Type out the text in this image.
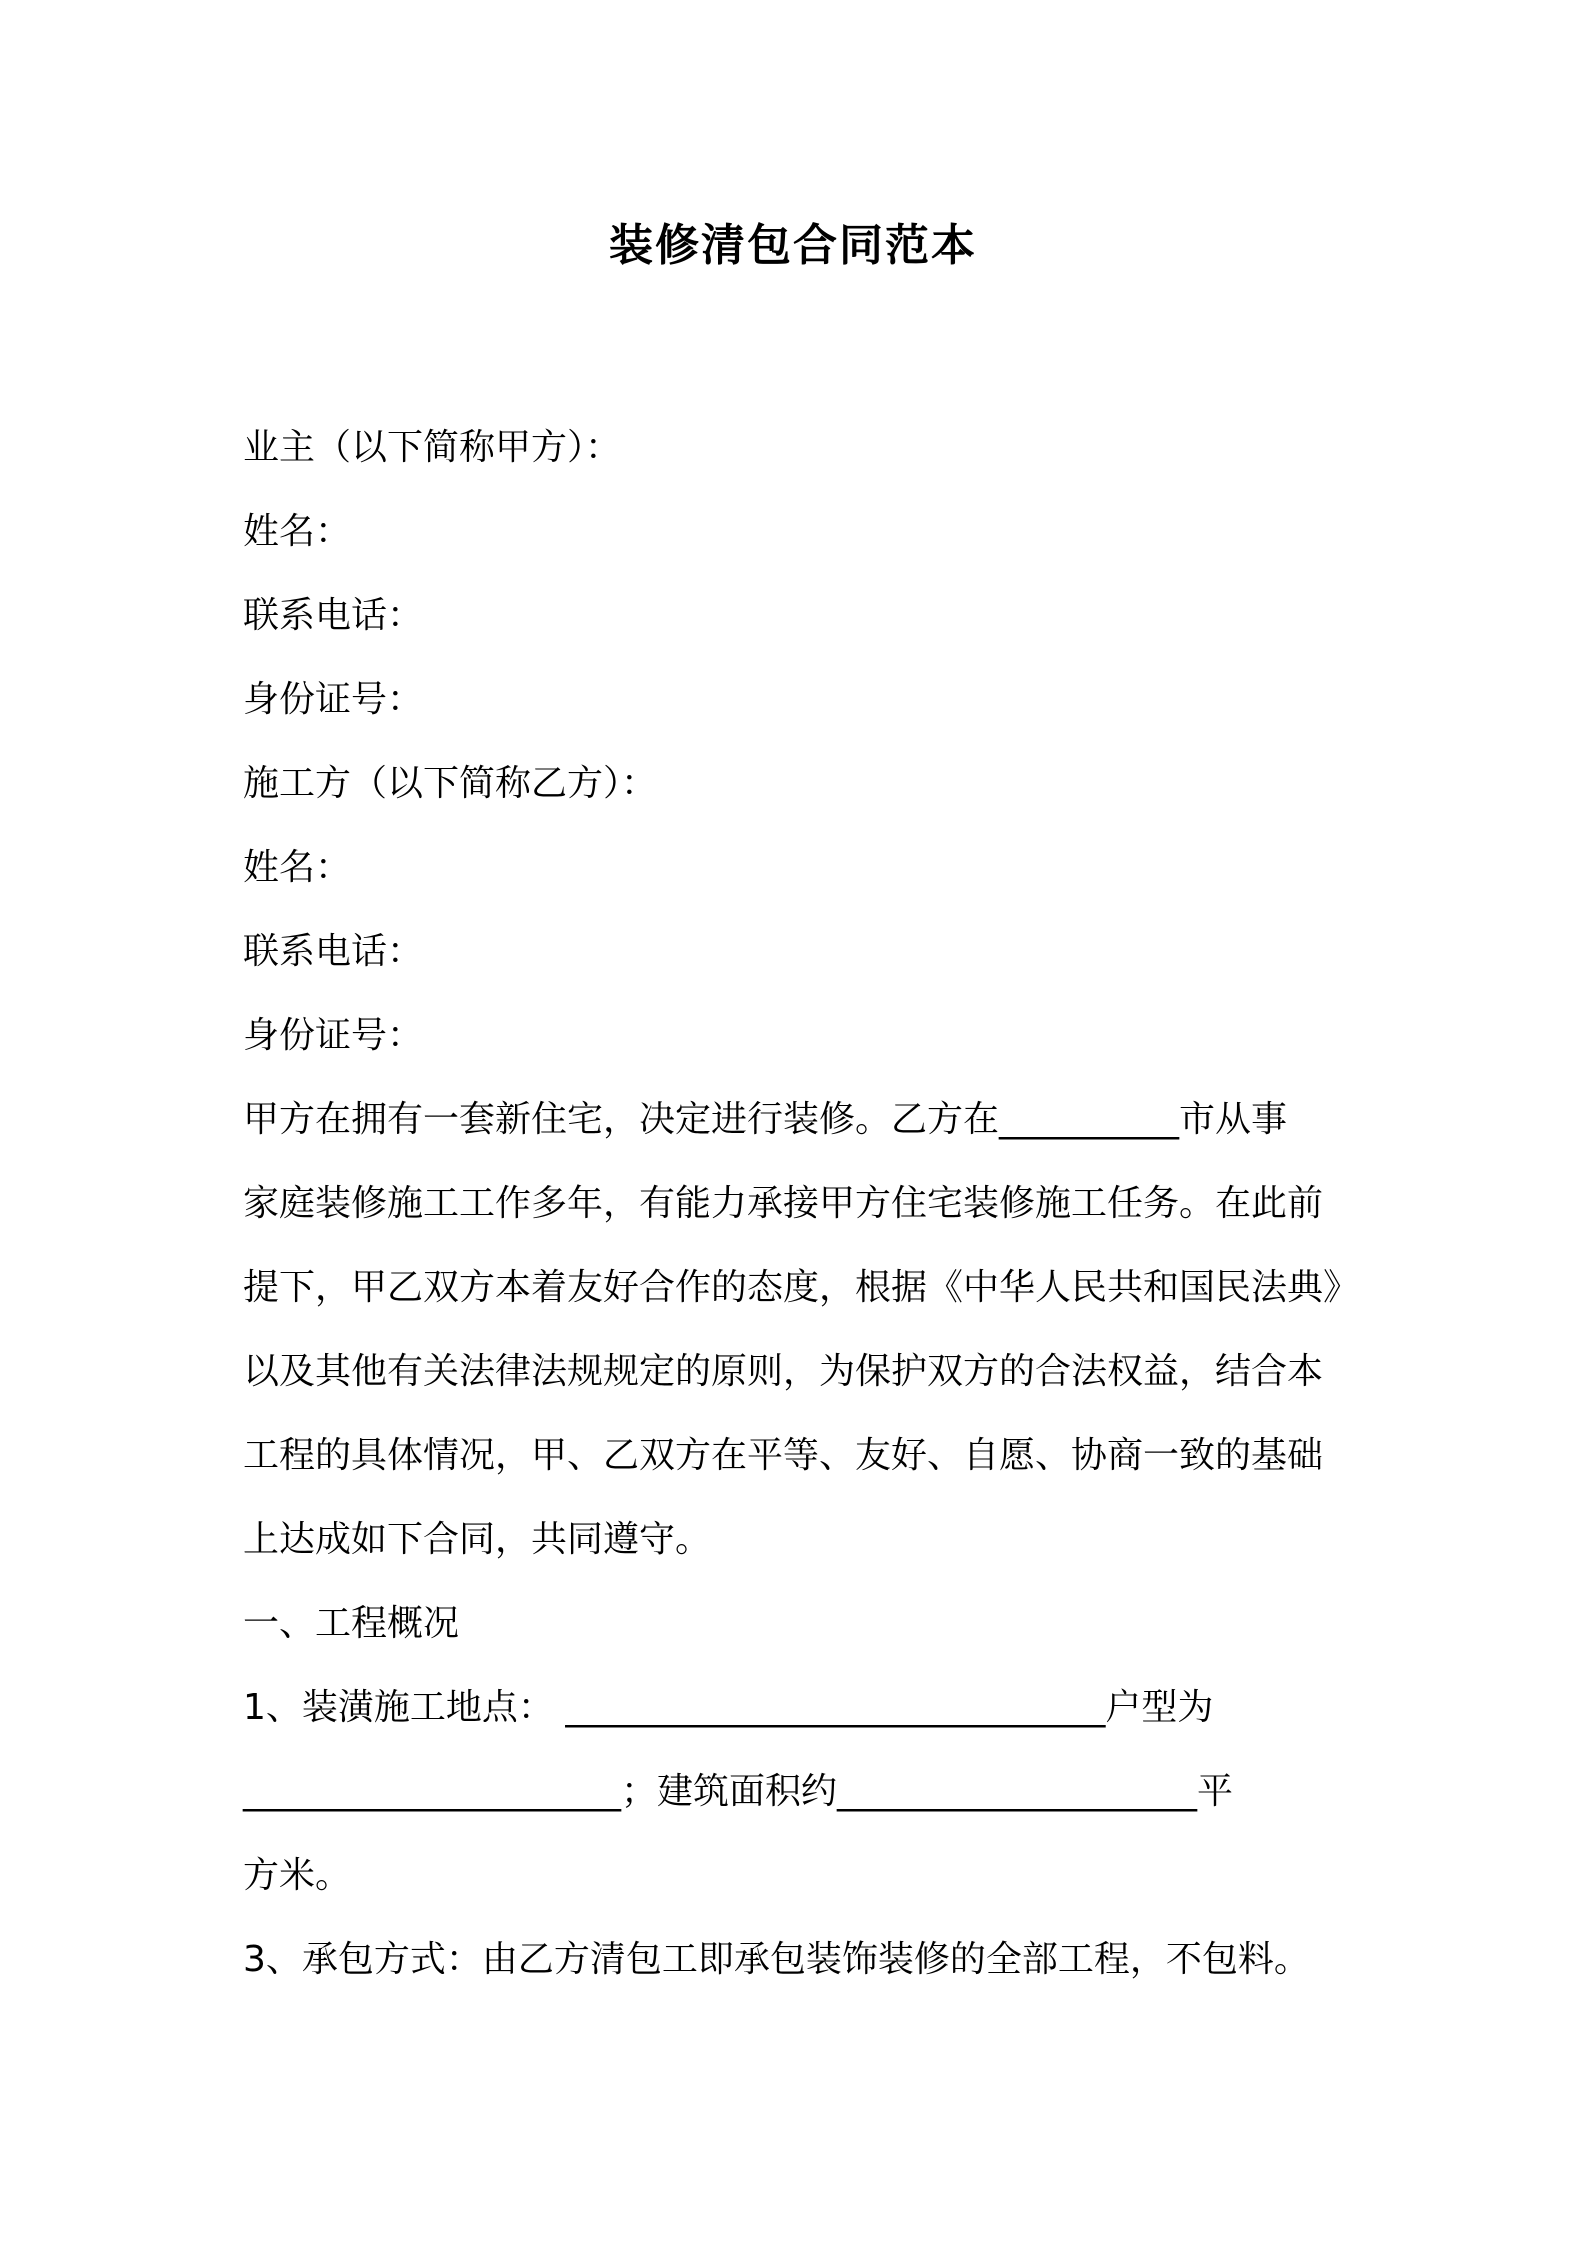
装修清包合同范本
业主（以下简称甲方）：
姓名：
联系电话：
身份证号：
施工方（以下简称乙方）：
姓名：
联系电话：
身份证号：
甲方在拥有一套新住宅，决定进行装修。乙方在__________市从事
家庭装修施工工作多年，有能力承接甲方住宅装修施工任务。在此前
提下，甲乙双方本着友好合作的态度，根据《中华人民共和国民法典》
以及其他有关法律法规规定的原则，为保护双方的合法权益，结合本
工程的具体情况，甲、乙双方在平等、友好、自愿、协商一致的基础
上达成如下合同，共同遵守。
一、工程概况
1、装潢施工地点： ______________________________户型为
_____________________；建筑面积约____________________平
方米。
3、承包方式：由乙方清包工即承包装饰装修的全部工程，不包料。
